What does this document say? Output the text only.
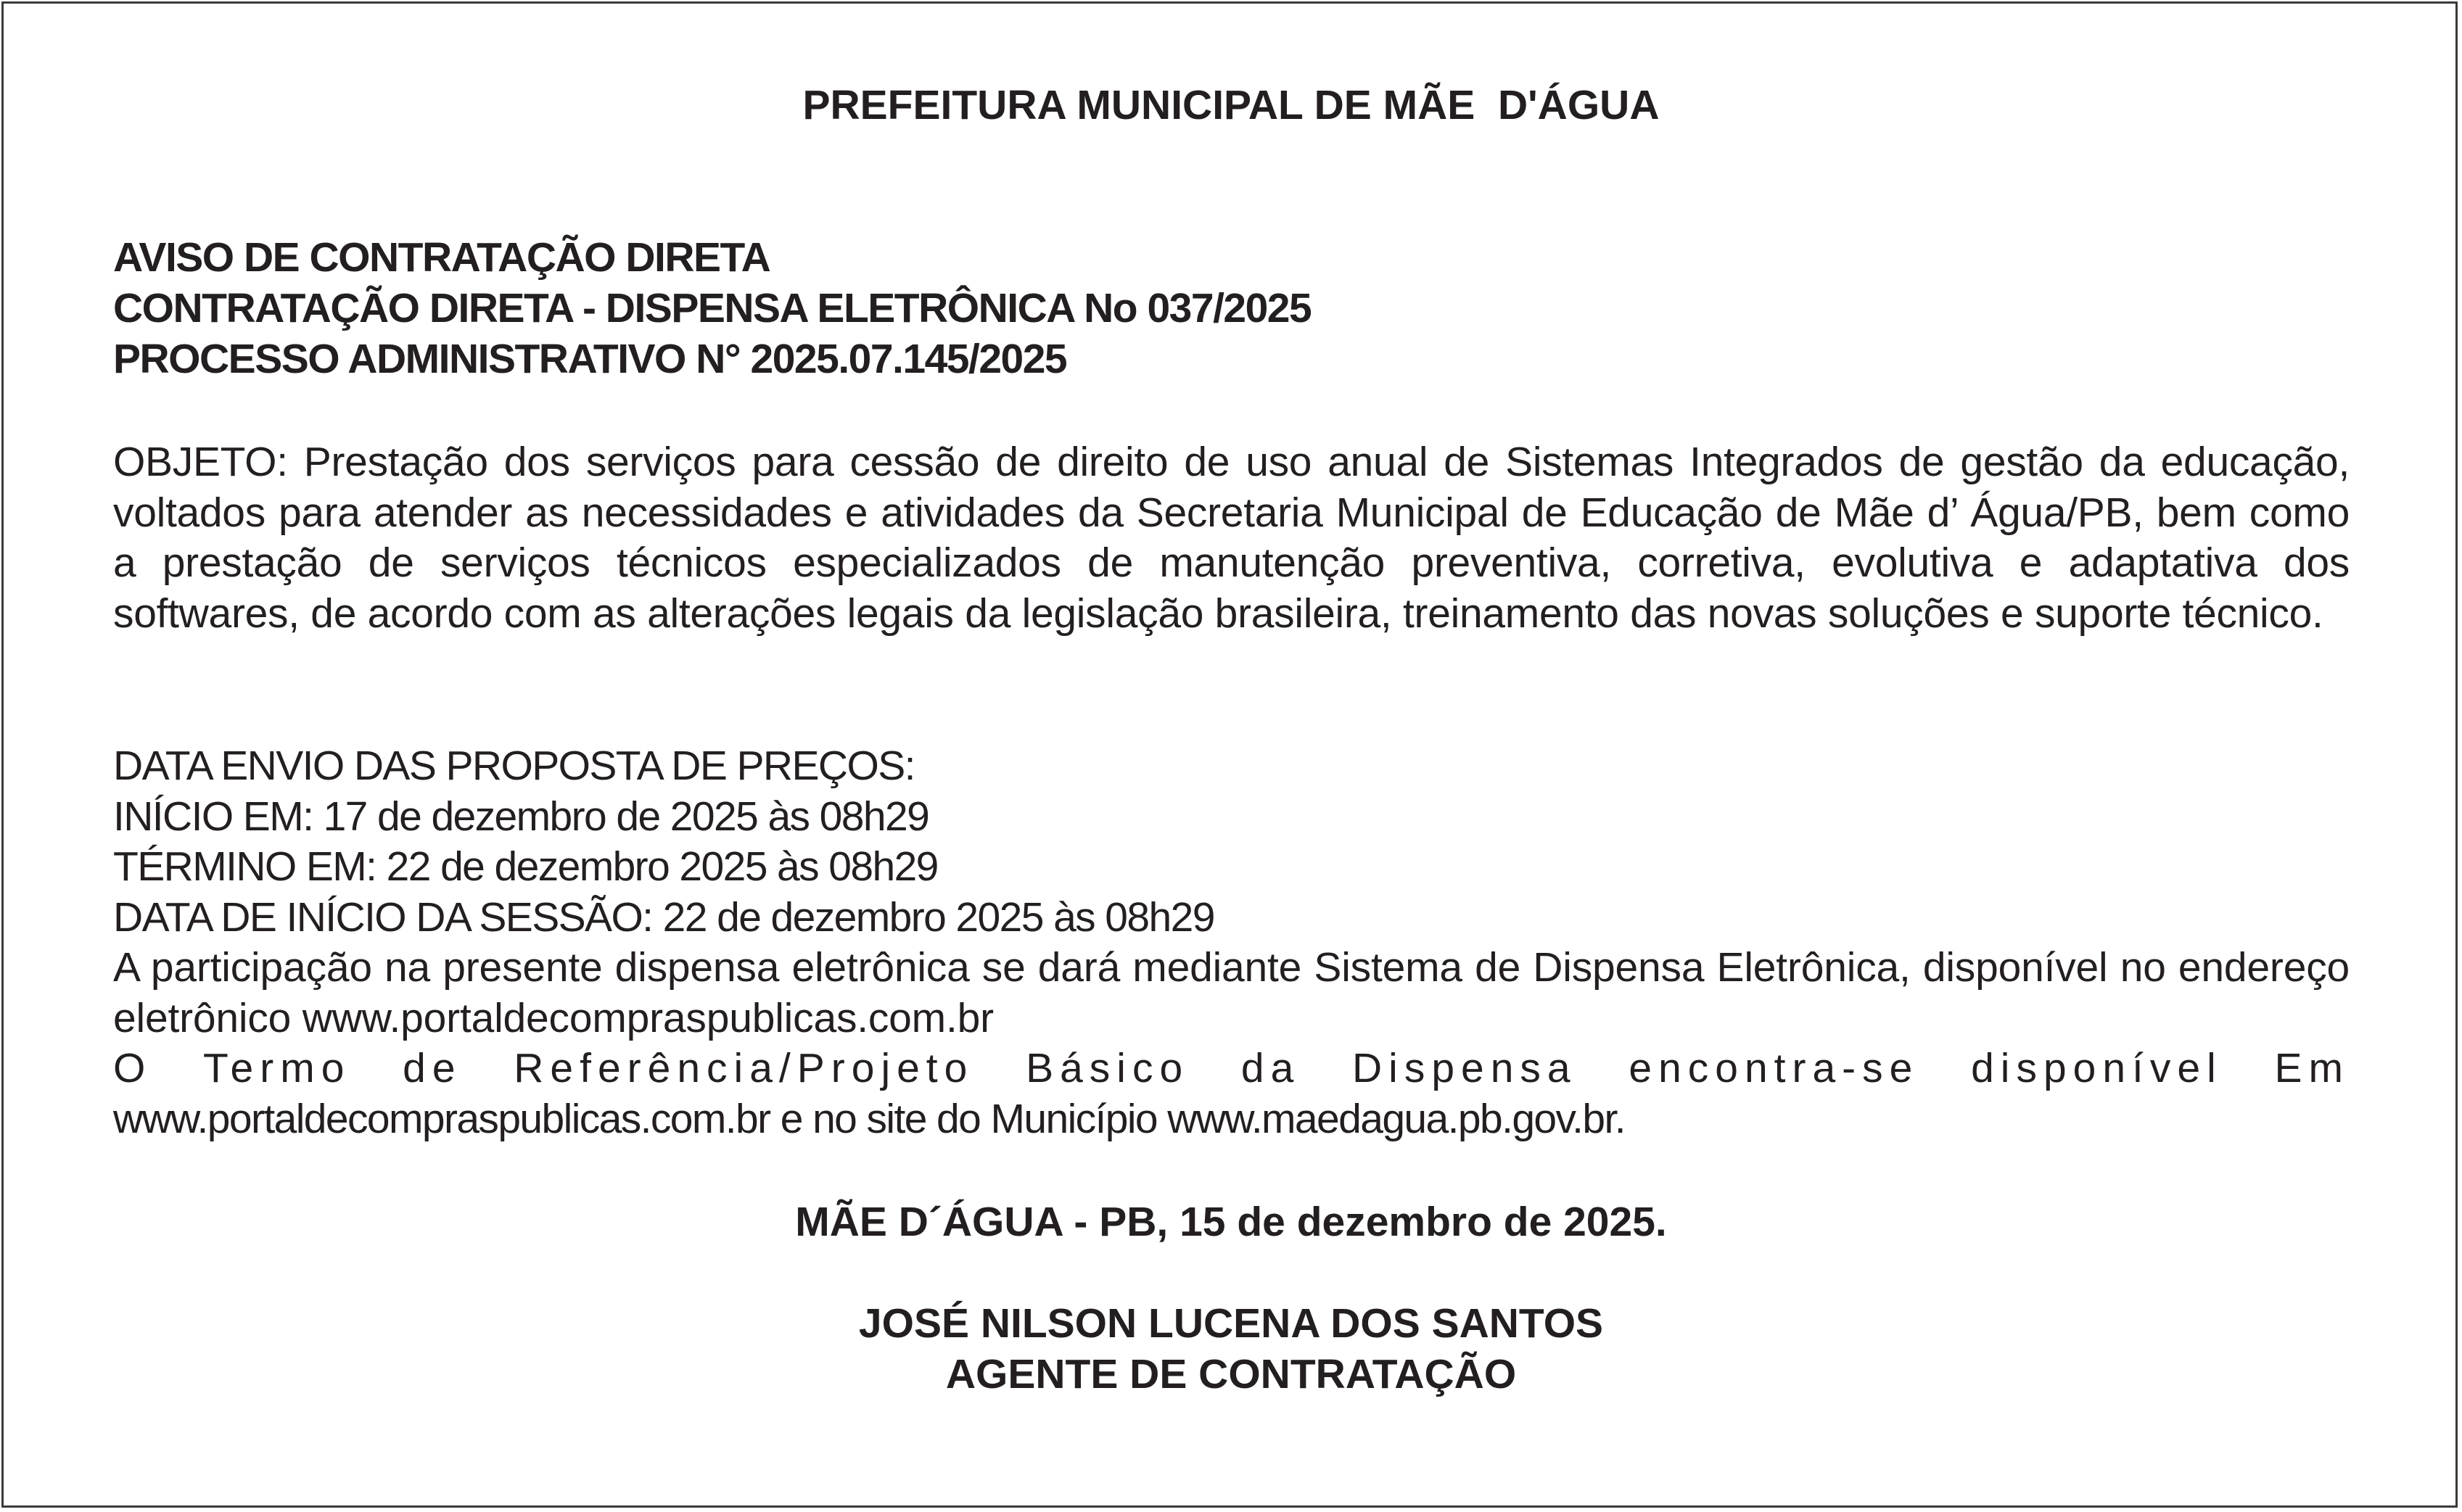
PREFEITURA MUNICIPAL DE MÃE  D'ÁGUA
AVISO DE CONTRATAÇÃO DIRETA
CONTRATAÇÃO DIRETA - DISPENSA ELETRÔNICA No 037/2025
PROCESSO ADMINISTRATIVO N° 2025.07.145/2025
OBJETO: Prestação dos serviços para cessão de direito de uso anual de Sistemas Integrados de gestão da educação, voltados para atender as necessidades e atividades da Secretaria Municipal de Educação de Mãe d’ Água/PB, bem como a prestação de serviços técnicos especializados de manutenção preventiva, corretiva, evolutiva e adaptativa dos softwares, de acordo com as alterações legais da legislação brasileira, treinamento das novas soluções e suporte técnico.
DATA ENVIO DAS PROPOSTA DE PREÇOS:
INÍCIO EM: 17 de dezembro de 2025 às 08h29
TÉRMINO EM: 22 de dezembro 2025 às 08h29
DATA DE INÍCIO DA SESSÃO: 22 de dezembro 2025 às 08h29
A participação na presente dispensa eletrônica se dará mediante Sistema de Dispensa Eletrônica, disponível no endereço eletrônico www.portaldecompraspublicas.com.br
O Termo de Referência/Projeto Básico da Dispensa encontra-se disponível Em
www.portaldecompraspublicas.com.br e no site do Município www.maedagua.pb.gov.br.
MÃE D´ÁGUA - PB, 15 de dezembro de 2025.
JOSÉ NILSON LUCENA DOS SANTOS
AGENTE DE CONTRATAÇÃO
